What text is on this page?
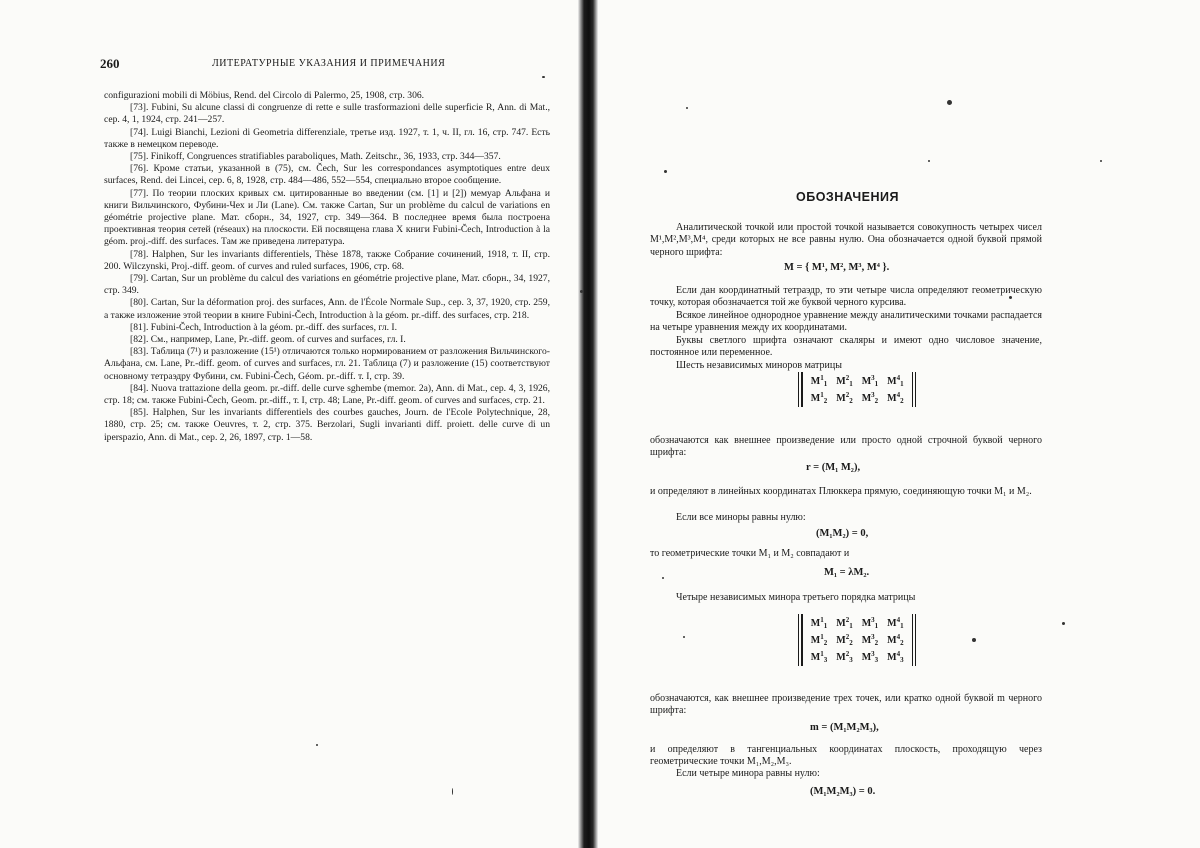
260	ЛИТЕРАТУРНЫЕ УКАЗАНИЯ И ПРИМЕЧАНИЯ

configurazioni mobili di Möbius, Rend. del Circolo di Palermo, 25, 1908, стр. 306.

[73]. Fubini, Su alcune classi di congruenze di rette e sulle trasformazioni delle superficie R, Ann. di Mat., сер. 4, 1, 1924, стр. 241—257.

[74]. Luigi Bianchi, Lezioni di Geometria differenziale, третье изд. 1927, т. 1, ч. II, гл. 16, стр. 747. Есть также в немецком переводе.

[75]. Finikoff, Congruences stratifiables paraboliques, Math. Zeitschr., 36, 1933, стр. 344—357.

[76]. Кроме статьи, указанной в (75), см. Čech, Sur les correspondances asymptotiques entre deux surfaces, Rend. dei Lincei, сер. 6, 8, 1928, стр. 484—486, 552—554, специально второе сообщение.

[77]. По теории плоских кривых см. цитированные во введении (см. [1] и [2]) мемуар Альфана и книги Вильчинского, Фубини-Чех и Ли (Lane). См. также Cartan, Sur un problème du calcul de variations en géométrie projective plane. Мат. сборн., 34, 1927, стр. 349—364. В последнее время была построена проективная теория сетей (réseaux) на плоскости. Ей посвящена глава X книги Fubini-Čech, Introduction à la géom. proj.-diff. des surfaces. Там же приведена литература.

[78]. Halphen, Sur les invariants differentiels, Thèse 1878, также Собрание сочинений, 1918, т. II, стр. 200. Wilczynski, Proj.-diff. geom. of curves and ruled surfaces, 1906, стр. 68.

[79]. Cartan, Sur un problème du calcul des variations en géométrie projective plane, Мат. сборн., 34, 1927, стр. 349.

[80]. Cartan, Sur la déformation proj. des surfaces, Ann. de l'École Normale Sup., сер. 3, 37, 1920, стр. 259, а также изложение этой теории в книге Fubini-Čech, Introduction à la géom. pr.-diff. des surfaces, стр. 218.

[81]. Fubini-Čech, Introduction à la géom. pr.-diff. des surfaces, гл. I.

[82]. См., например, Lane, Pr.-diff. geom. of curves and surfaces, гл. I.

[83]. Таблица (7¹) и разложение (15¹) отличаются только нормированием от разложения Вильчинского-Альфана, см. Lane, Pr.-diff. geom. of curves and surfaces, гл. 21. Таблица (7) и разложение (15) соответствуют основному тетраэдру Фубини, см. Fubini-Čech, Géom. pr.-diff. т. I, стр. 39.

[84]. Nuova trattazione della geom. pr.-diff. delle curve sghembe (memor. 2a), Ann. di Mat., сер. 4, 3, 1926, стр. 18; см. также Fubini-Čech, Geom. pr.-diff., т. I, стр. 48; Lane, Pr.-diff. geom. of curves and surfaces, стр. 21.

[85]. Halphen, Sur les invariants differentiels des courbes gauches, Journ. de l'Ecole Polytechnique, 28, 1880, стр. 25; см. также Oeuvres, т. 2, стр. 375. Berzolari, Sugli invarianti diff. proiett. delle curve di un iperspazio, Ann. di Mat., сер. 2, 26, 1897, стр. 1—58.

ОБОЗНАЧЕНИЯ

Аналитической точкой или простой точкой называется совокупность четырех чисел M¹,M²,M³,M⁴, среди которых не все равны нулю. Она обозначается одной буквой прямой черного шрифта:

M = { M¹, M², M³, M⁴ }.

Если дан координатный тетраэдр, то эти четыре числа определяют геометрическую точку, которая обозначается той же буквой черного курсива.

Всякое линейное однородное уравнение между аналитическими точками распадается на четыре уравнения между их координатами.

Буквы светлого шрифта означают скаляры и имеют одно числовое значение, постоянное или переменное.

Шесть независимых миноров матрицы

$M^1_1$ $M^2_1$ $M^3_1$ $M^4_1$
$M^1_2$ $M^2_2$ $M^3_2$ $M^4_2$

обозначаются как внешнее произведение или просто одной строчной буквой черного шрифта:

r = (M₁ M₂),

и определяют в линейных координатах Плюккера прямую, соединяющую точки M₁ и M₂.

Если все миноры равны нулю:

(M₁M₂) = 0,

то геометрические точки M₁ и M₂ совпадают и

M₁ = λM₂.

Четыре независимых минора третьего порядка матрицы

$M^1_1$ $M^2_1$ $M^3_1$ $M^4_1$
$M^1_2$ $M^2_2$ $M^3_2$ $M^4_2$
$M^1_3$ $M^2_3$ $M^3_3$ $M^4_3$

обозначаются, как внешнее произведение трех точек, или кратко одной буквой m черного шрифта:

m = (M₁M₂M₃),

и определяют в тангенциальных координатах плоскость, проходящую через геометрические точки M₁,M₂,M₃.

Если четыре минора равны нулю:

(M₁M₂M₃) = 0.
